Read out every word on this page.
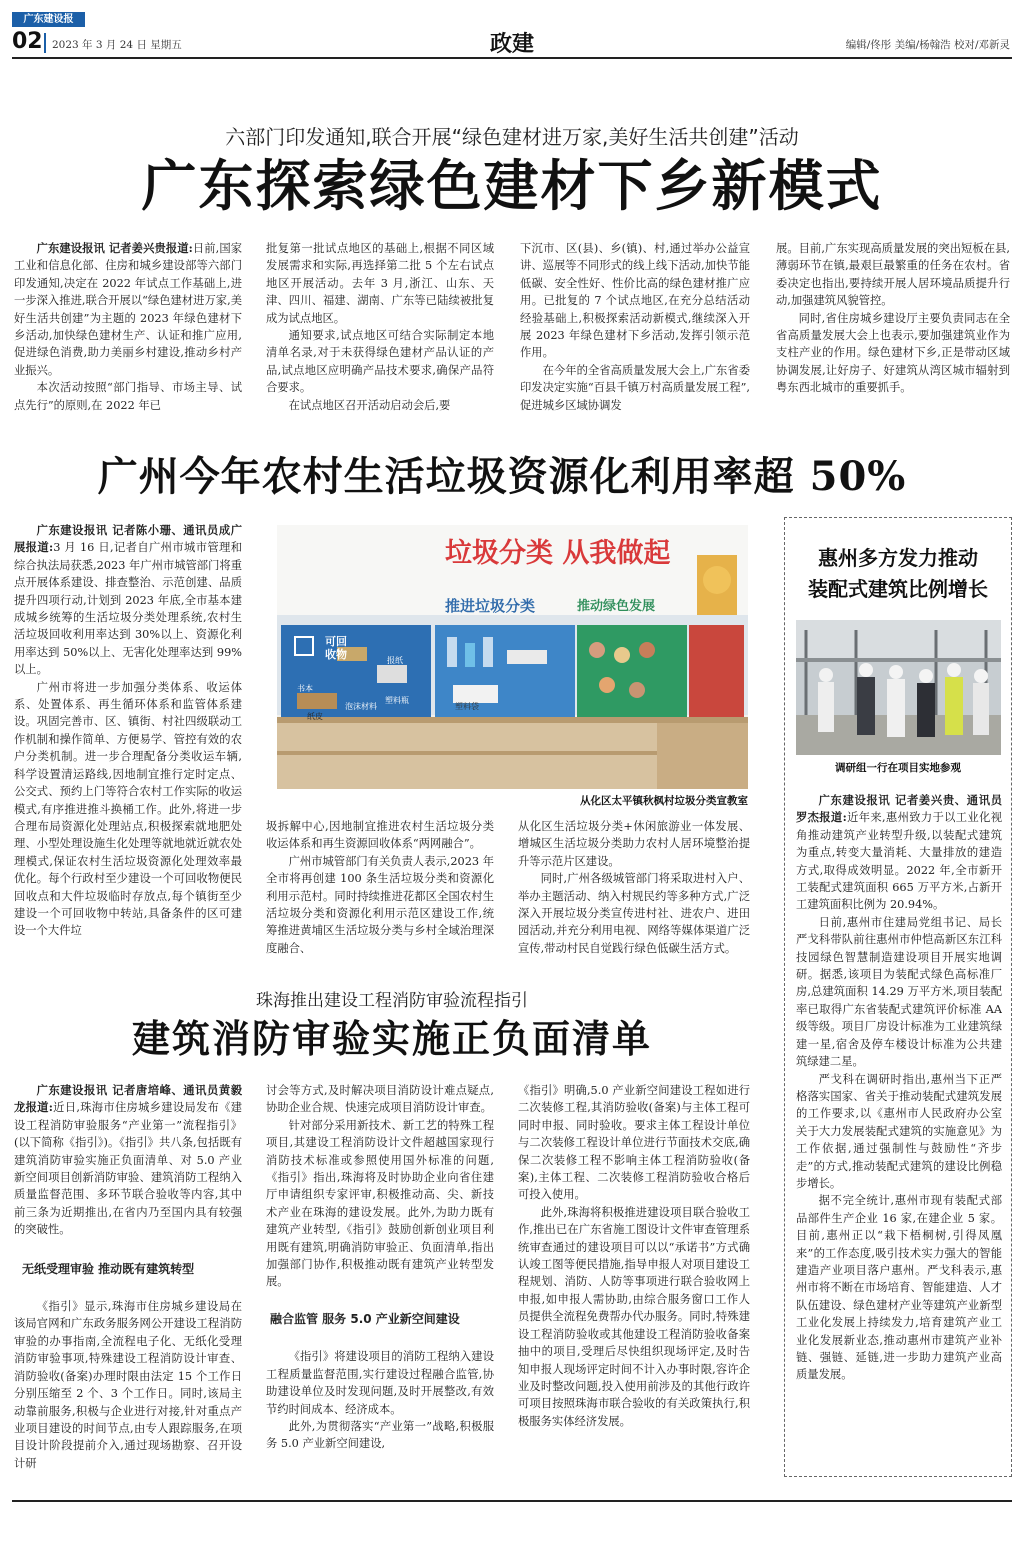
广东建设报
02 2023 年 3 月 24 日 星期五	政建	编辑/佟彤 美编/杨翰浩 校对/邓新灵
六部门印发通知,联合开展“绿色建材进万家,美好生活共创建”活动
广东探索绿色建材下乡新模式

广东建设报讯 记者姜兴贵报道:日前,国家工业和信息化部、住房和城乡建设部等六部门印发通知,决定在 2022 年试点工作基础上,进一步深入推进,联合开展以“绿色建材进万家,美好生活共创建”为主题的 2023 年绿色建材下乡活动,加快绿色建材生产、认证和推广应用,促进绿色消费,助力美丽乡村建设,推动乡村产业振兴。

本次活动按照“部门指导、市场主导、试点先行”的原则,在 2022 年已

批复第一批试点地区的基础上,根据不同区域发展需求和实际,再选择第二批 5 个左右试点地区开展活动。去年 3 月,浙江、山东、天津、四川、福建、湖南、广东等已陆续被批复成为试点地区。

通知要求,试点地区可结合实际制定本地清单名录,对于未获得绿色建材产品认证的产品,试点地区应明确产品技术要求,确保产品符合要求。

在试点地区召开活动启动会后,要

下沉市、区(县)、乡(镇)、村,通过举办公益宣讲、巡展等不同形式的线上线下活动,加快节能低碳、安全性好、性价比高的绿色建材推广应用。已批复的 7 个试点地区,在充分总结活动经验基础上,积极探索活动新模式,继续深入开展 2023 年绿色建材下乡活动,发挥引领示范作用。

在今年的全省高质量发展大会上,广东省委印发决定实施“百县千镇万村高质量发展工程”,促进城乡区域协调发

展。目前,广东实现高质量发展的突出短板在县,薄弱环节在镇,最艰巨最繁重的任务在农村。省委决定也指出,要持续开展人居环境品质提升行动,加强建筑风貌管控。

同时,省住房城乡建设厅主要负责同志在全省高质量发展大会上也表示,要加强建筑业作为支柱产业的作用。绿色建材下乡,正是带动区域协调发展,让好房子、好建筑从湾区城市辐射到粤东西北城市的重要抓手。

广州今年农村生活垃圾资源化利用率超 50%

广东建设报讯 记者陈小珊、通讯员成广展报道:3 月 16 日,记者自广州市城市管理和综合执法局获悉,2023 年广州市城管部门将重点开展体系建设、排查整治、示范创建、品质提升四项行动,计划到 2023 年底,全市基本建成城乡统筹的生活垃圾分类处理系统,农村生活垃圾回收利用率达到 30%以上、资源化利用率达到 50%以上、无害化处理率达到 99%以上。

广州市将进一步加强分类体系、收运体系、处置体系、再生循环体系和监管体系建设。巩固完善市、区、镇街、村社四级联动工作机制和操作简单、方便易学、管控有效的农户分类机制。进一步合理配备分类收运车辆,科学设置清运路线,因地制宜推行定时定点、公交式、预约上门等符合农村工作实际的收运模式,有序推进推斗换桶工作。此外,将进一步合理布局资源化处理站点,积极探索就地肥处理、小型处理设施生化处理等就地就近就农处理模式,保证农村生活垃圾资源化处理效率最优化。每个行政村至少建设一个可回收物便民回收点和大件垃圾临时存放点,每个镇街至少建设一个可回收物中转站,具备条件的区可建设一个大件垃

垃圾分类 从我做起
推进垃圾分类	推动绿色发展
可回收物
书本
纸皮
报纸
塑料瓶
泡沫材料	塑料袋
从化区太平镇秋枫村垃圾分类宣教室

圾拆解中心,因地制宜推进农村生活垃圾分类收运体系和再生资源回收体系“两网融合”。

广州市城管部门有关负责人表示,2023 年全市将再创建 100 条生活垃圾分类和资源化利用示范村。同时持续推进花都区全国农村生活垃圾分类和资源化利用示范区建设工作,统筹推进黄埔区生活垃圾分类与乡村全域治理深度融合、

从化区生活垃圾分类+休闲旅游业一体发展、增城区生活垃圾分类助力农村人居环境整治提升等示范片区建设。

同时,广州各级城管部门将采取进村入户、举办主题活动、纳入村规民约等多种方式,广泛深入开展垃圾分类宣传进村社、进农户、进田园活动,并充分利用电视、网络等媒体渠道广泛宣传,带动村民自觉践行绿色低碳生活方式。

惠州多方发力推动
装配式建筑比例增长
调研组一行在项目实地参观

广东建设报讯 记者姜兴贵、通讯员罗杰报道:近年来,惠州致力于以工业化视角推动建筑产业转型升级,以装配式建筑为重点,转变大量消耗、大量排放的建造方式,取得成效明显。2022 年,全市新开工装配式建筑面积 665 万平方米,占新开工建筑面积比例为 20.94%。

日前,惠州市住建局党组书记、局长严戈科带队前往惠州市仲恺高新区东江科技园绿色智慧制造建设项目开展实地调研。据悉,该项目为装配式绿色高标准厂房,总建筑面积 14.29 万平方米,项目装配率已取得广东省装配式建筑评价标准 AA 级等级。项目厂房设计标准为工业建筑绿建一星,宿舍及停车楼设计标准为公共建筑绿建二星。

严戈科在调研时指出,惠州当下正严格落实国家、省关于推动装配式建筑发展的工作要求,以《惠州市人民政府办公室关于大力发展装配式建筑的实施意见》为工作依据,通过强制性与鼓励性“齐步走”的方式,推动装配式建筑的建设比例稳步增长。

据不完全统计,惠州市现有装配式部品部件生产企业 16 家,在建企业 5 家。目前,惠州正以“栽下梧桐树,引得凤凰来”的工作态度,吸引技术实力强大的智能建造产业项目落户惠州。严戈科表示,惠州市将不断在市场培育、智能建造、人才队伍建设、绿色建材产业等建筑产业新型工业化发展上持续发力,培育建筑产业工业化发展新业态,推动惠州市建筑产业补链、强链、延链,进一步助力建筑产业高质量发展。

珠海推出建设工程消防审验流程指引
建筑消防审验实施正负面清单

广东建设报讯 记者唐培峰、通讯员黄毅龙报道:近日,珠海市住房城乡建设局发布《建设工程消防审验服务“产业第一”流程指引》(以下简称《指引》)。《指引》共八条,包括既有建筑消防审验实施正负面清单、对 5.0 产业新空间项目创新消防审验、建筑消防工程纳入质量监督范围、多环节联合验收等内容,其中前三条为近期推出,在省内乃至国内具有较强的突破性。

无纸受理审验 推动既有建筑转型

《指引》显示,珠海市住房城乡建设局在该局官网和广东政务服务网公开建设工程消防审验的办事指南,全流程电子化、无纸化受理消防审验事项,特殊建设工程消防设计审查、消防验收(备案)办理时限由法定 15 个工作日分别压缩至 2 个、3 个工作日。同时,该局主动靠前服务,积极与企业进行对接,针对重点产业项目建设的时间节点,由专人跟踪服务,在项目设计阶段提前介入,通过现场勘察、召开设计研

讨会等方式,及时解决项目消防设计难点疑点,协助企业合规、快速完成项目消防设计审查。

针对部分采用新技术、新工艺的特殊工程项目,其建设工程消防设计文件超越国家现行消防技术标准或参照使用国外标准的问题,《指引》指出,珠海将及时协助企业向省住建厅申请组织专家评审,积极推动高、尖、新技术产业在珠海的建设发展。此外,为助力既有建筑产业转型,《指引》鼓励创新创业项目利用既有建筑,明确消防审验正、负面清单,指出加强部门协作,积极推动既有建筑产业转型发展。

融合监管 服务 5.0 产业新空间建设

《指引》将建设项目的消防工程纳入建设工程质量监督范围,实行建设过程融合监管,协助建设单位及时发现问题,及时开展整改,有效节约时间成本、经济成本。

此外,为贯彻落实“产业第一”战略,积极服务 5.0 产业新空间建设,

《指引》明确,5.0 产业新空间建设工程如进行二次装修工程,其消防验收(备案)与主体工程可同时申报、同时验收。要求主体工程设计单位与二次装修工程设计单位进行节面技术交底,确保二次装修工程不影响主体工程消防验收(备案),主体工程、二次装修工程消防验收合格后可投入使用。

此外,珠海将积极推进建设项目联合验收工作,推出已在广东省施工图设计文件审查管理系统审查通过的建设项目可以以“承诺书”方式确认竣工图等便民措施,指导申报人对项目建设工程规划、消防、人防等事项进行联合验收网上申报,如申报人需协助,由综合服务窗口工作人员提供全流程免费帮办代办服务。同时,特殊建设工程消防验收或其他建设工程消防验收备案抽中的项目,受理后尽快组织现场评定,及时告知申报人现场评定时间不计入办事时限,容许企业及时整改问题,投入使用前涉及的其他行政许可项目按照珠海市联合验收的有关政策执行,积极服务实体经济发展。
